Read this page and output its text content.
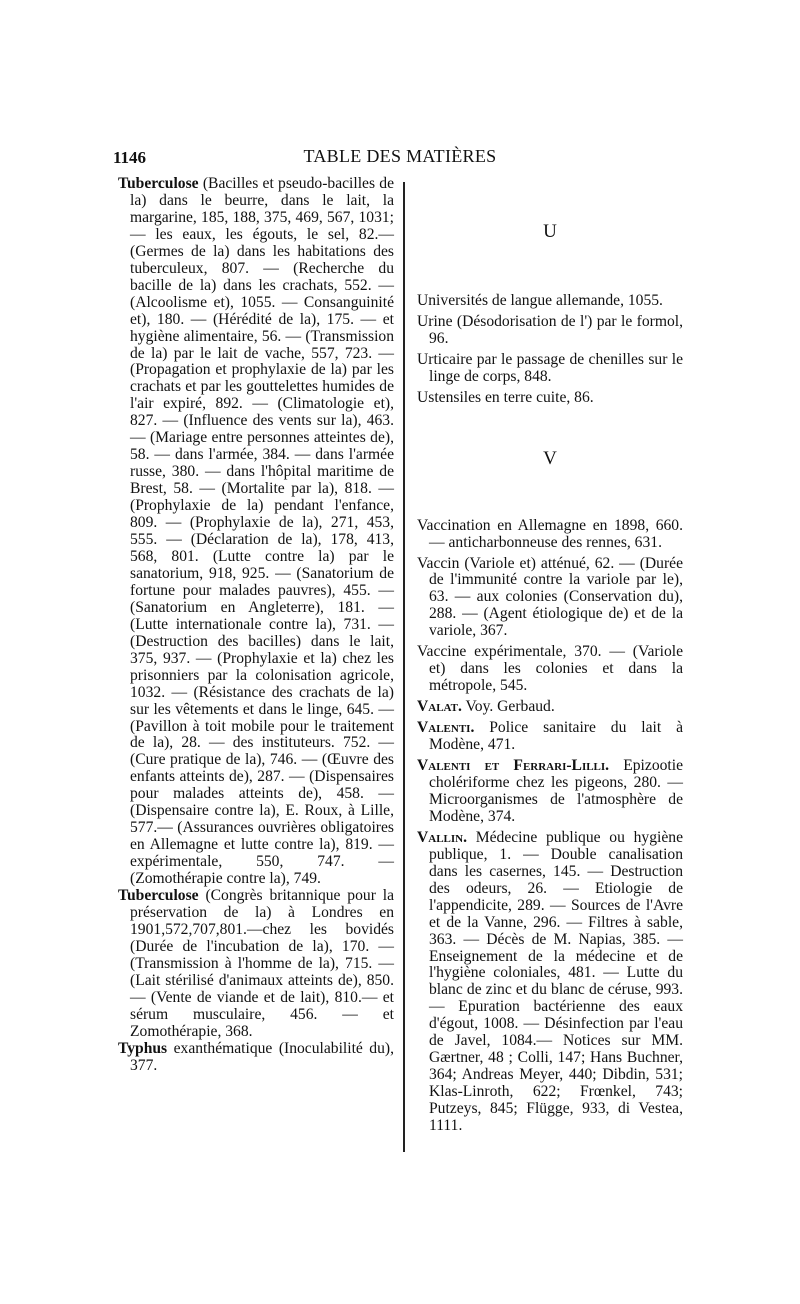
1146	TABLE DES MATIÈRES

Tuberculose (Bacilles et pseudo-bacilles de la) dans le beurre, dans le lait, la margarine, 185, 188, 375, 469, 567, 1031; — les eaux, les égouts, le sel, 82.— (Germes de la) dans les habitations des tuberculeux, 807. — (Recherche du bacille de la) dans les crachats, 552. — (Alcoolisme et), 1055. — Consanguinité et), 180. — (Hérédité de la), 175. — et hygiène alimentaire, 56. — (Transmission de la) par le lait de vache, 557, 723. — (Propagation et prophylaxie de la) par les crachats et par les gouttelettes humides de l'air expiré, 892. — (Climatologie et), 827. — (Influence des vents sur la), 463. — (Mariage entre personnes atteintes de), 58. — dans l'armée, 384. — dans l'armée russe, 380. — dans l'hôpital maritime de Brest, 58. — (Mortalite par la), 818. — (Prophylaxie de la) pendant l'enfance, 809. — (Prophylaxie de la), 271, 453, 555. — (Déclaration de la), 178, 413, 568, 801. (Lutte contre la) par le sanatorium, 918, 925. — (Sanatorium de fortune pour malades pauvres), 455. — (Sanatorium en Angleterre), 181. — (Lutte internationale contre la), 731. — (Destruction des bacilles) dans le lait, 375, 937. — (Prophylaxie et la) chez les prisonniers par la colonisation agricole, 1032. — (Résistance des crachats de la) sur les vêtements et dans le linge, 645. — (Pavillon à toit mobile pour le traitement de la), 28. — des instituteurs. 752. — (Cure pratique de la), 746. — (Œuvre des enfants atteints de), 287. — (Dispensaires pour malades atteints de), 458. — (Dispensaire contre la), E. Roux, à Lille, 577.— (Assurances ouvrières obligatoires en Allemagne et lutte contre la), 819. — expérimentale, 550, 747. — (Zomothérapie contre la), 749.

Tuberculose (Congrès britannique pour la préservation de la) à Londres en 1901,572,707,801.—chez les bovidés (Durée de l'incubation de la), 170. — (Transmission à l'homme de la), 715. — (Lait stérilisé d'animaux atteints de), 850. — (Vente de viande et de lait), 810.— et sérum musculaire, 456. — et Zomothérapie, 368.

Typhus exanthématique (Inoculabilité du), 377.

U

Universités de langue allemande, 1055.

Urine (Désodorisation de l') par le formol, 96.

Urticaire par le passage de chenilles sur le linge de corps, 848.

Ustensiles en terre cuite, 86.

V

Vaccination en Allemagne en 1898, 660. — anticharbonneuse des rennes, 631.

Vaccin (Variole et) atténué, 62. — (Durée de l'immunité contre la variole par le), 63. — aux colonies (Conservation du), 288. — (Agent étiologique de) et de la variole, 367.

Vaccine expérimentale, 370. — (Variole et) dans les colonies et dans la métropole, 545.

Valat. Voy. Gerbaud.

Valenti. Police sanitaire du lait à Modène, 471.

Valenti et Ferrari-Lilli. Epizootie cholériforme chez les pigeons, 280. — Microorganismes de l'atmosphère de Modène, 374.

Vallin. Médecine publique ou hygiène publique, 1. — Double canalisation dans les casernes, 145. — Destruction des odeurs, 26. — Etiologie de l'appendicite, 289. — Sources de l'Avre et de la Vanne, 296. — Filtres à sable, 363. — Décès de M. Napias, 385. —Enseignement de la médecine et de l'hygiène coloniales, 481. — Lutte du blanc de zinc et du blanc de céruse, 993. — Epuration bactérienne des eaux d'égout, 1008. — Désinfection par l'eau de Javel, 1084.— Notices sur MM. Gærtner, 48 ; Colli, 147; Hans Buchner, 364; Andreas Meyer, 440; Dibdin, 531; Klas-Linroth, 622; Frœnkel, 743; Putzeys, 845; Flügge, 933, di Vestea, 1111.
